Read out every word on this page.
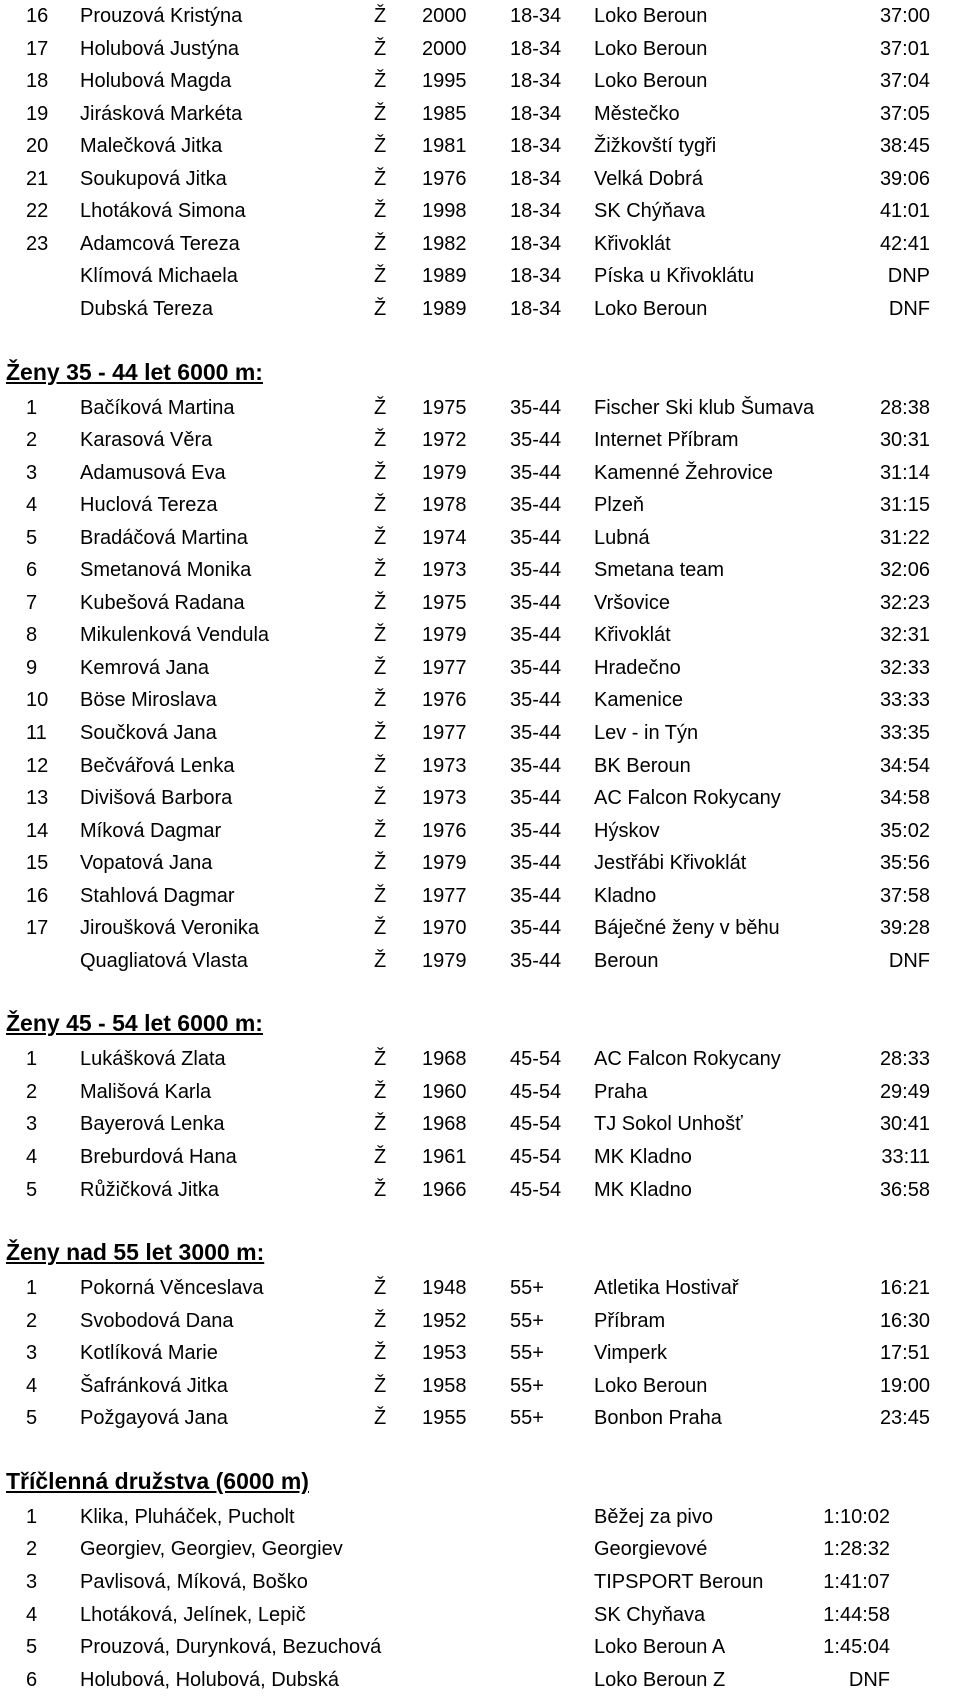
16 Prouzová Kristýna	Ž 2000 18-34 Loko Beroun	37:00
17 Holubová Justýna	Ž 2000 18-34 Loko Beroun	37:01
18 Holubová Magda	Ž 1995 18-34 Loko Beroun	37:04
19 Jirásková Markéta	Ž 1985 18-34 Městečko	37:05
20 Malečková Jitka	Ž 1981 18-34 Žižkovští tygři	38:45
21 Soukupová Jitka	Ž 1976 18-34 Velká Dobrá	39:06
22 Lhotáková Simona	Ž 1998 18-34 SK Chýňava	41:01
23 Adamcová Tereza	Ž 1982 18-34 Křivoklát	42:41
Klímová Michaela	Ž 1989 18-34 Píska u Křivoklátu	DNP
Dubská Tereza	Ž 1989 18-34 Loko Beroun	DNF
Ženy 35 - 44 let 6000 m:
1 Bačíková Martina	Ž 1975 35-44 Fischer Ski klub Šumava	28:38
2 Karasová Věra	Ž 1972 35-44 Internet Příbram	30:31
3 Adamusová Eva	Ž 1979 35-44 Kamenné Žehrovice	31:14
4 Huclová Tereza	Ž 1978 35-44 Plzeň	31:15
5 Bradáčová Martina	Ž 1974 35-44 Lubná	31:22
6 Smetanová Monika	Ž 1973 35-44 Smetana team	32:06
7 Kubešová Radana	Ž 1975 35-44 Vršovice	32:23
8 Mikulenková Vendula	Ž 1979 35-44 Křivoklát	32:31
9 Kemrová Jana	Ž 1977 35-44 Hradečno	32:33
10 Böse Miroslava	Ž 1976 35-44 Kamenice	33:33
11 Součková Jana	Ž 1977 35-44 Lev - in Týn	33:35
12 Bečvářová Lenka	Ž 1973 35-44 BK Beroun	34:54
13 Divišová Barbora	Ž 1973 35-44 AC Falcon Rokycany	34:58
14 Míková Dagmar	Ž 1976 35-44 Hýskov	35:02
15 Vopatová Jana	Ž 1979 35-44 Jestřábi Křivoklát	35:56
16 Stahlová Dagmar	Ž 1977 35-44 Kladno	37:58
17 Jiroušková Veronika	Ž 1970 35-44 Báječné ženy v běhu	39:28
Quagliatová Vlasta	Ž 1979 35-44 Beroun	DNF
Ženy 45 - 54 let 6000 m:
1 Lukášková Zlata	Ž 1968 45-54 AC Falcon Rokycany	28:33
2 Mališová Karla	Ž 1960 45-54 Praha	29:49
3 Bayerová Lenka	Ž 1968 45-54 TJ Sokol Unhošť	30:41
4 Breburdová Hana	Ž 1961 45-54 MK Kladno	33:11
5 Růžičková Jitka	Ž 1966 45-54 MK Kladno	36:58
Ženy nad 55 let 3000 m:
1 Pokorná Věnceslava	Ž 1948 55+	Atletika Hostivař	16:21
2 Svobodová Dana	Ž 1952 55+	Příbram	16:30
3 Kotlíková Marie	Ž 1953 55+	Vimperk	17:51
4 Šafránková Jitka	Ž 1958 55+	Loko Beroun	19:00
5 Požgayová Jana	Ž 1955 55+	Bonbon Praha	23:45
Tříčlenná družstva (6000 m)
1 Klika, Pluháček, Pucholt	Běžej za pivo	1:10:02
2 Georgiev, Georgiev, Georgiev	Georgievové	1:28:32
3 Pavlisová, Míková, Boško	TIPSPORT Beroun	1:41:07
4 Lhotáková, Jelínek, Lepič	SK Chyňava	1:44:58
5 Prouzová, Durynková, Bezuchová	Loko Beroun A	1:45:04
6 Holubová, Holubová, Dubská	Loko Beroun Z	DNF
